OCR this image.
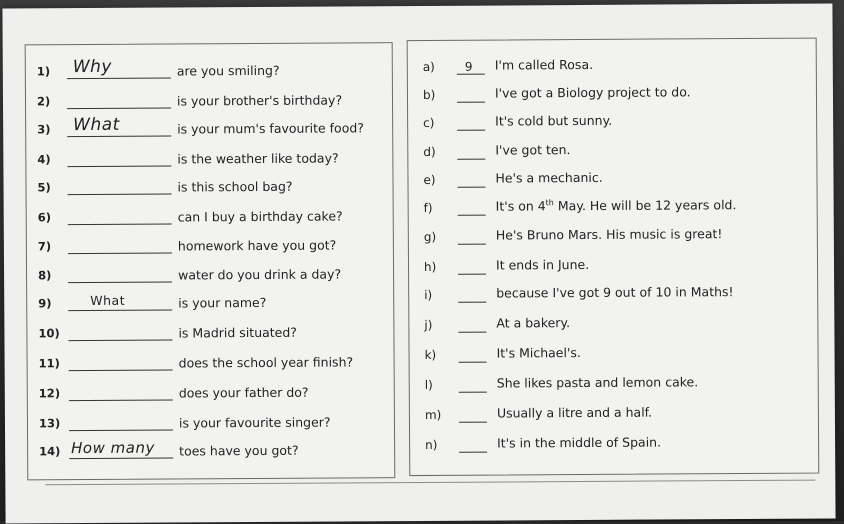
1) Why	are you smiling?
2)	is your brother's birthday?
3) What	is your mum's favourite food?
4)	is the weather like today?
5)	is this school bag?
6)	can I buy a birthday cake?
7)	homework have you got?
8)	water do you drink a day?
9)	What	is your name?
10)	is Madrid situated?
11)	does the school year finish?
12)	does your father do?
13)	is your favourite singer?
14) How many toes have you got?
a) 9 I'm called Rosa.
b)	I've got a Biology project to do.
c)	It's cold but sunny.
d)	I've got ten.
e)	He's a mechanic.
f)	It's on 4th May. He will be 12 years old.
g)	He's Bruno Mars. His music is great!
h)	It ends in June.
i)	because I've got 9 out of 10 in Maths!
j)	At a bakery.
k)	It's Michael's.
l)	She likes pasta and lemon cake.
m)	Usually a litre and a half.
n)	It's in the middle of Spain.
